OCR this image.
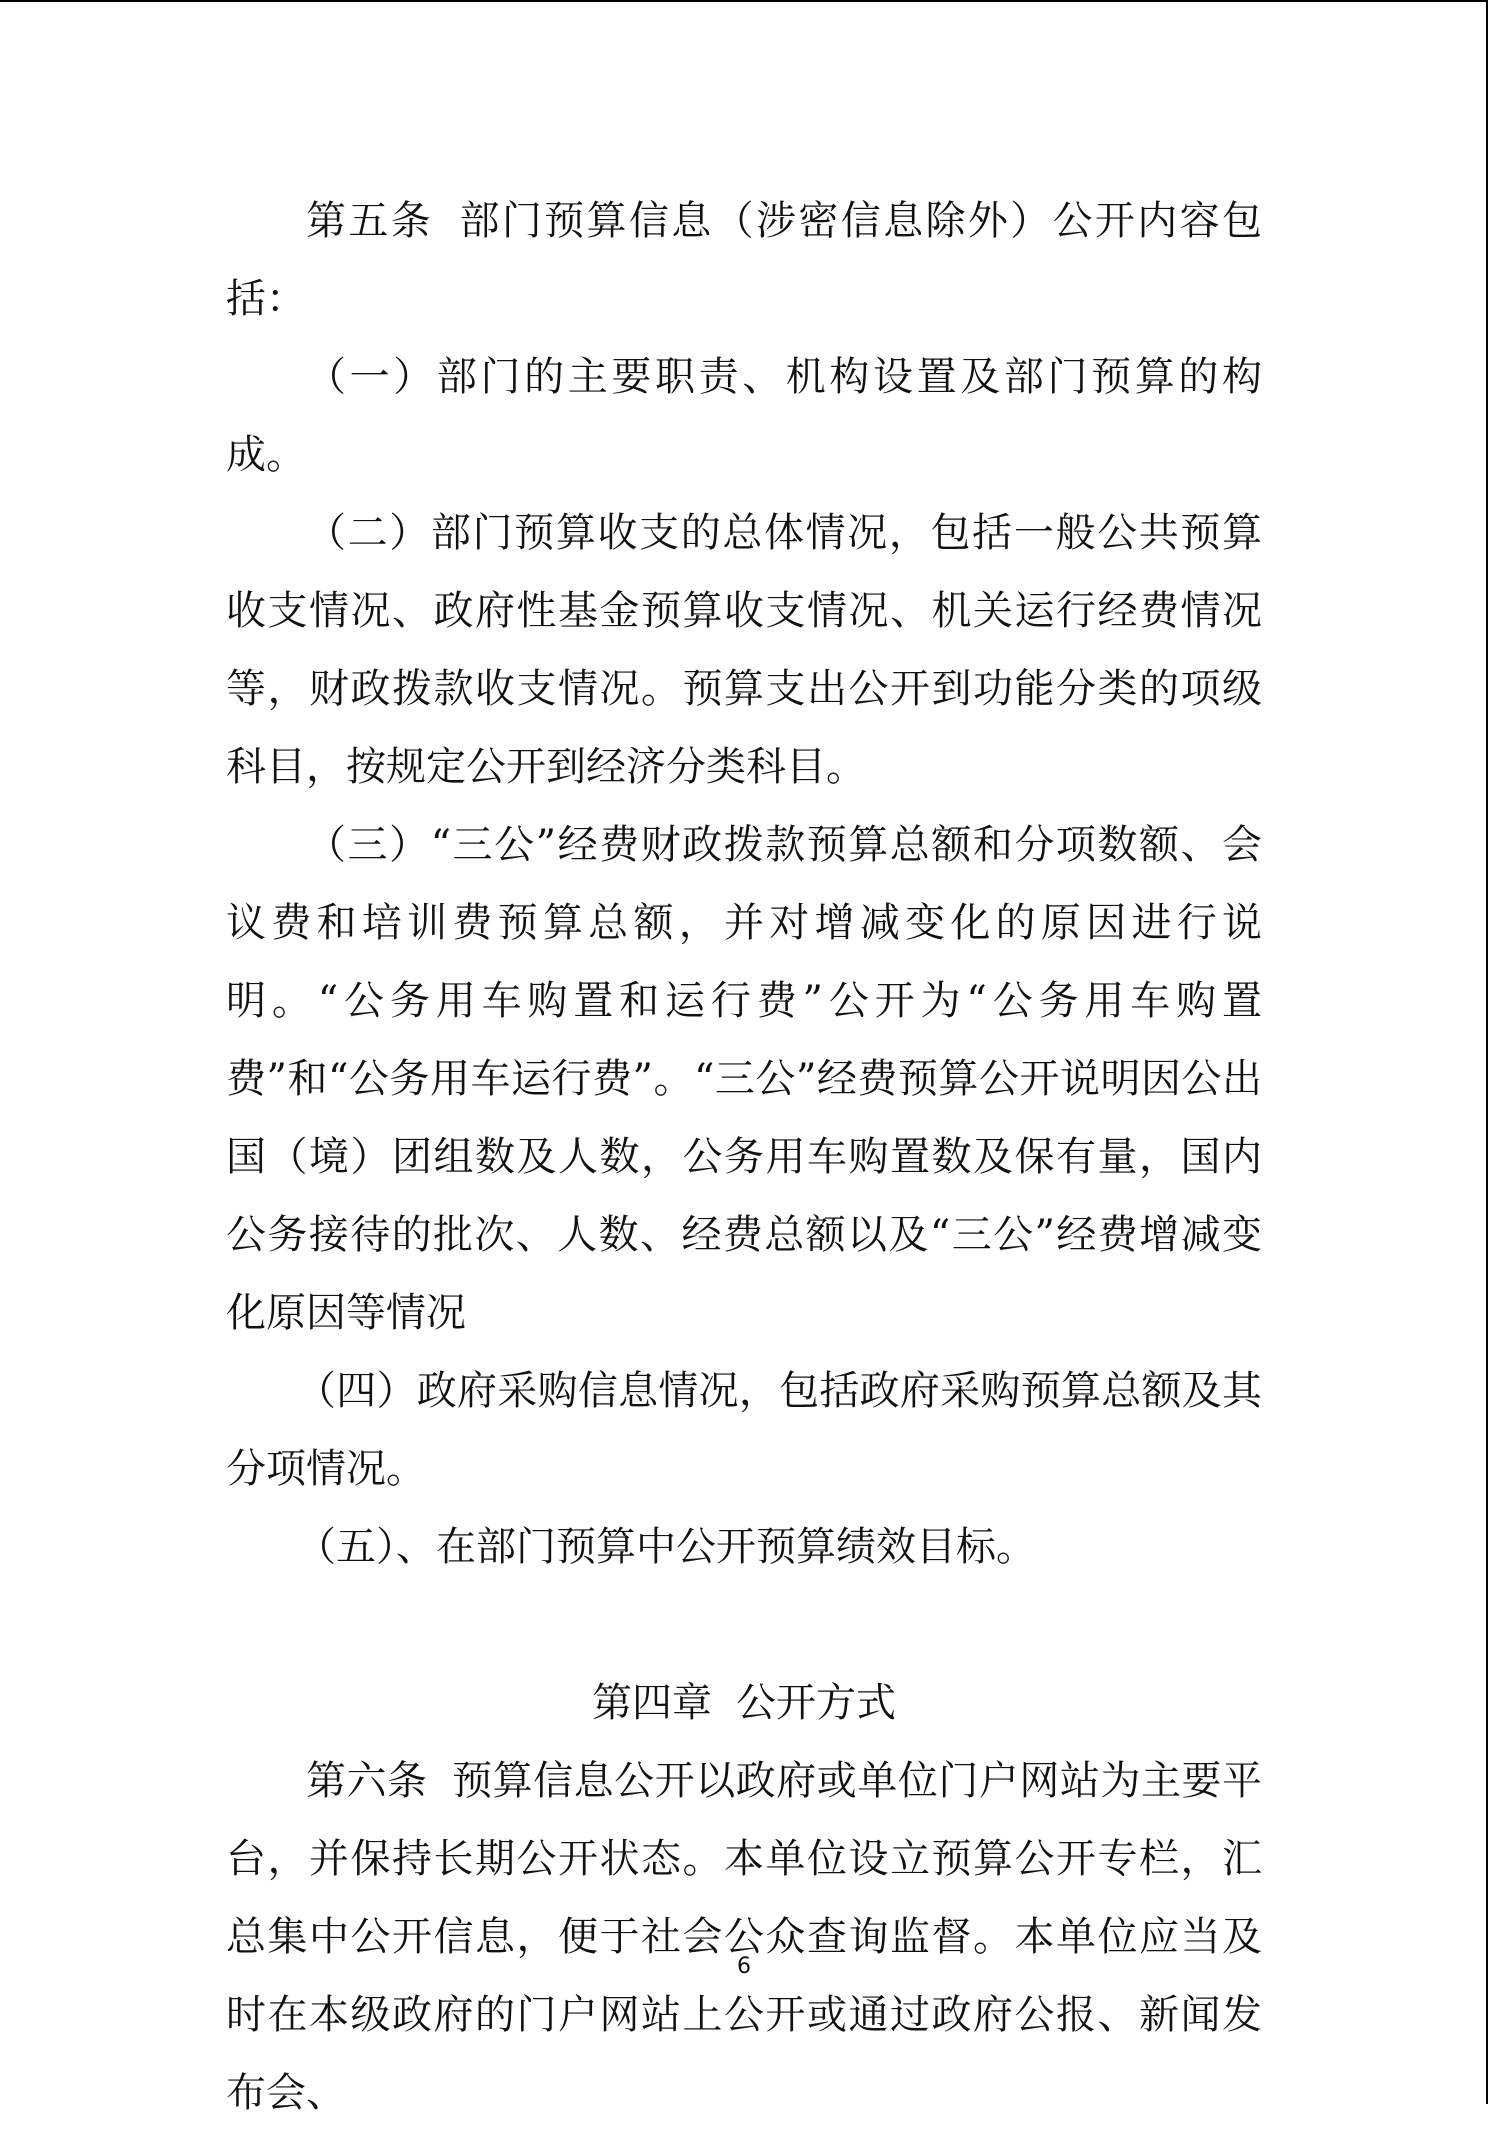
第五条 部门预算信息（涉密信息除外）公开内容包括：

（一）部门的主要职责、机构设置及部门预算的构成。

（二）部门预算收支的总体情况，包括一般公共预算收支情况、政府性基金预算收支情况、机关运行经费情况等，财政拨款收支情况。预算支出公开到功能分类的项级科目，按规定公开到经济分类科目。

（三）“三公”经费财政拨款预算总额和分项数额、会议费和培训费预算总额，并对增减变化的原因进行说明。“公务用车购置和运行费”公开为“公务用车购置费”和“公务用车运行费”。“三公”经费预算公开说明因公出国（境）团组数及人数，公务用车购置数及保有量，国内公务接待的批次、人数、经费总额以及“三公”经费增减变化原因等情况

（四）政府采购信息情况，包括政府采购预算总额及其分项情况。

（五）、在部门预算中公开预算绩效目标。

第四章 公开方式

第六条 预算信息公开以政府或单位门户网站为主要平台，并保持长期公开状态。本单位设立预算公开专栏，汇总集中公开信息，便于社会公众查询监督。本单位应当及时在本级政府的门户网站上公开或通过政府公报、新闻发布会、

6
